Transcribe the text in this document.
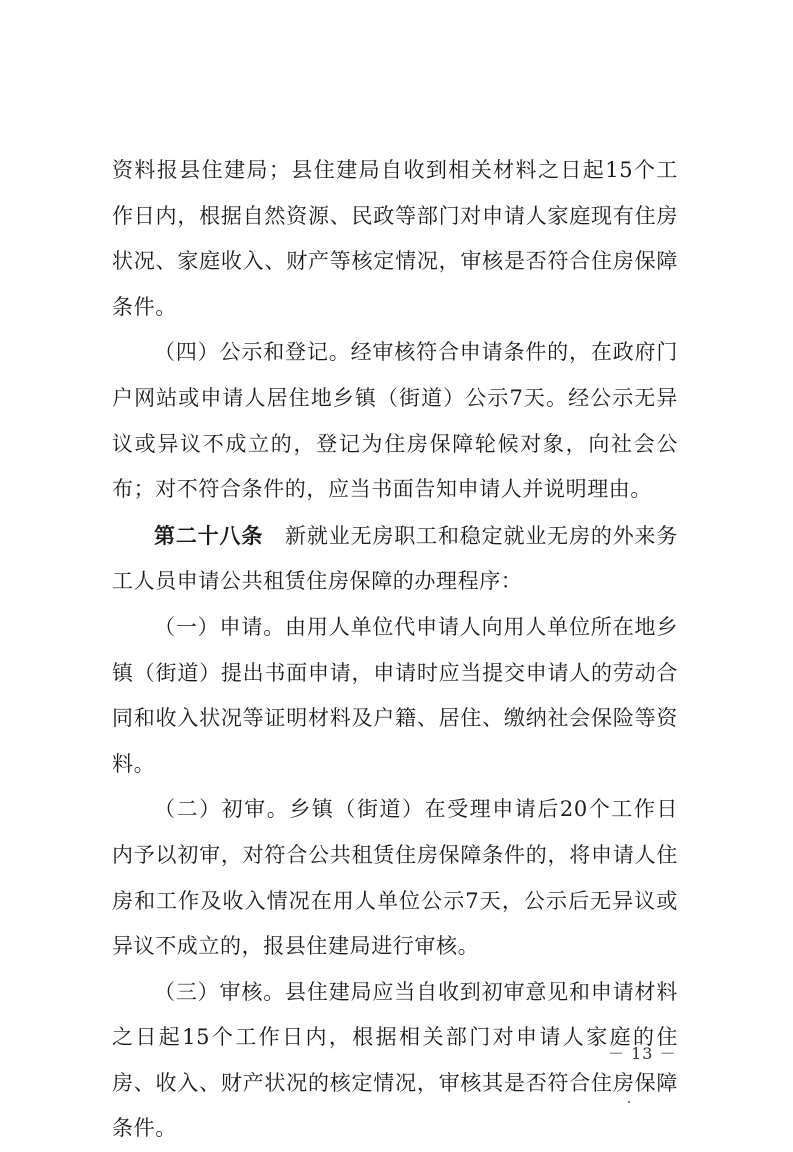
资料报县住建局；县住建局自收到相关材料之日起15个工作日内，根据自然资源、民政等部门对申请人家庭现有住房状况、家庭收入、财产等核定情况，审核是否符合住房保障条件。

（四）公示和登记。经审核符合申请条件的，在政府门户网站或申请人居住地乡镇（街道）公示7天。经公示无异议或异议不成立的，登记为住房保障轮候对象，向社会公布；对不符合条件的，应当书面告知申请人并说明理由。

第二十八条　新就业无房职工和稳定就业无房的外来务工人员申请公共租赁住房保障的办理程序：

（一）申请。由用人单位代申请人向用人单位所在地乡镇（街道）提出书面申请，申请时应当提交申请人的劳动合同和收入状况等证明材料及户籍、居住、缴纳社会保险等资料。

（二）初审。乡镇（街道）在受理申请后20个工作日内予以初审，对符合公共租赁住房保障条件的，将申请人住房和工作及收入情况在用人单位公示7天，公示后无异议或异议不成立的，报县住建局进行审核。

（三）审核。县住建局应当自收到初审意见和申请材料之日起15个工作日内，根据相关部门对申请人家庭的住房、收入、财产状况的核定情况，审核其是否符合住房保障条件。

－ 13 －
